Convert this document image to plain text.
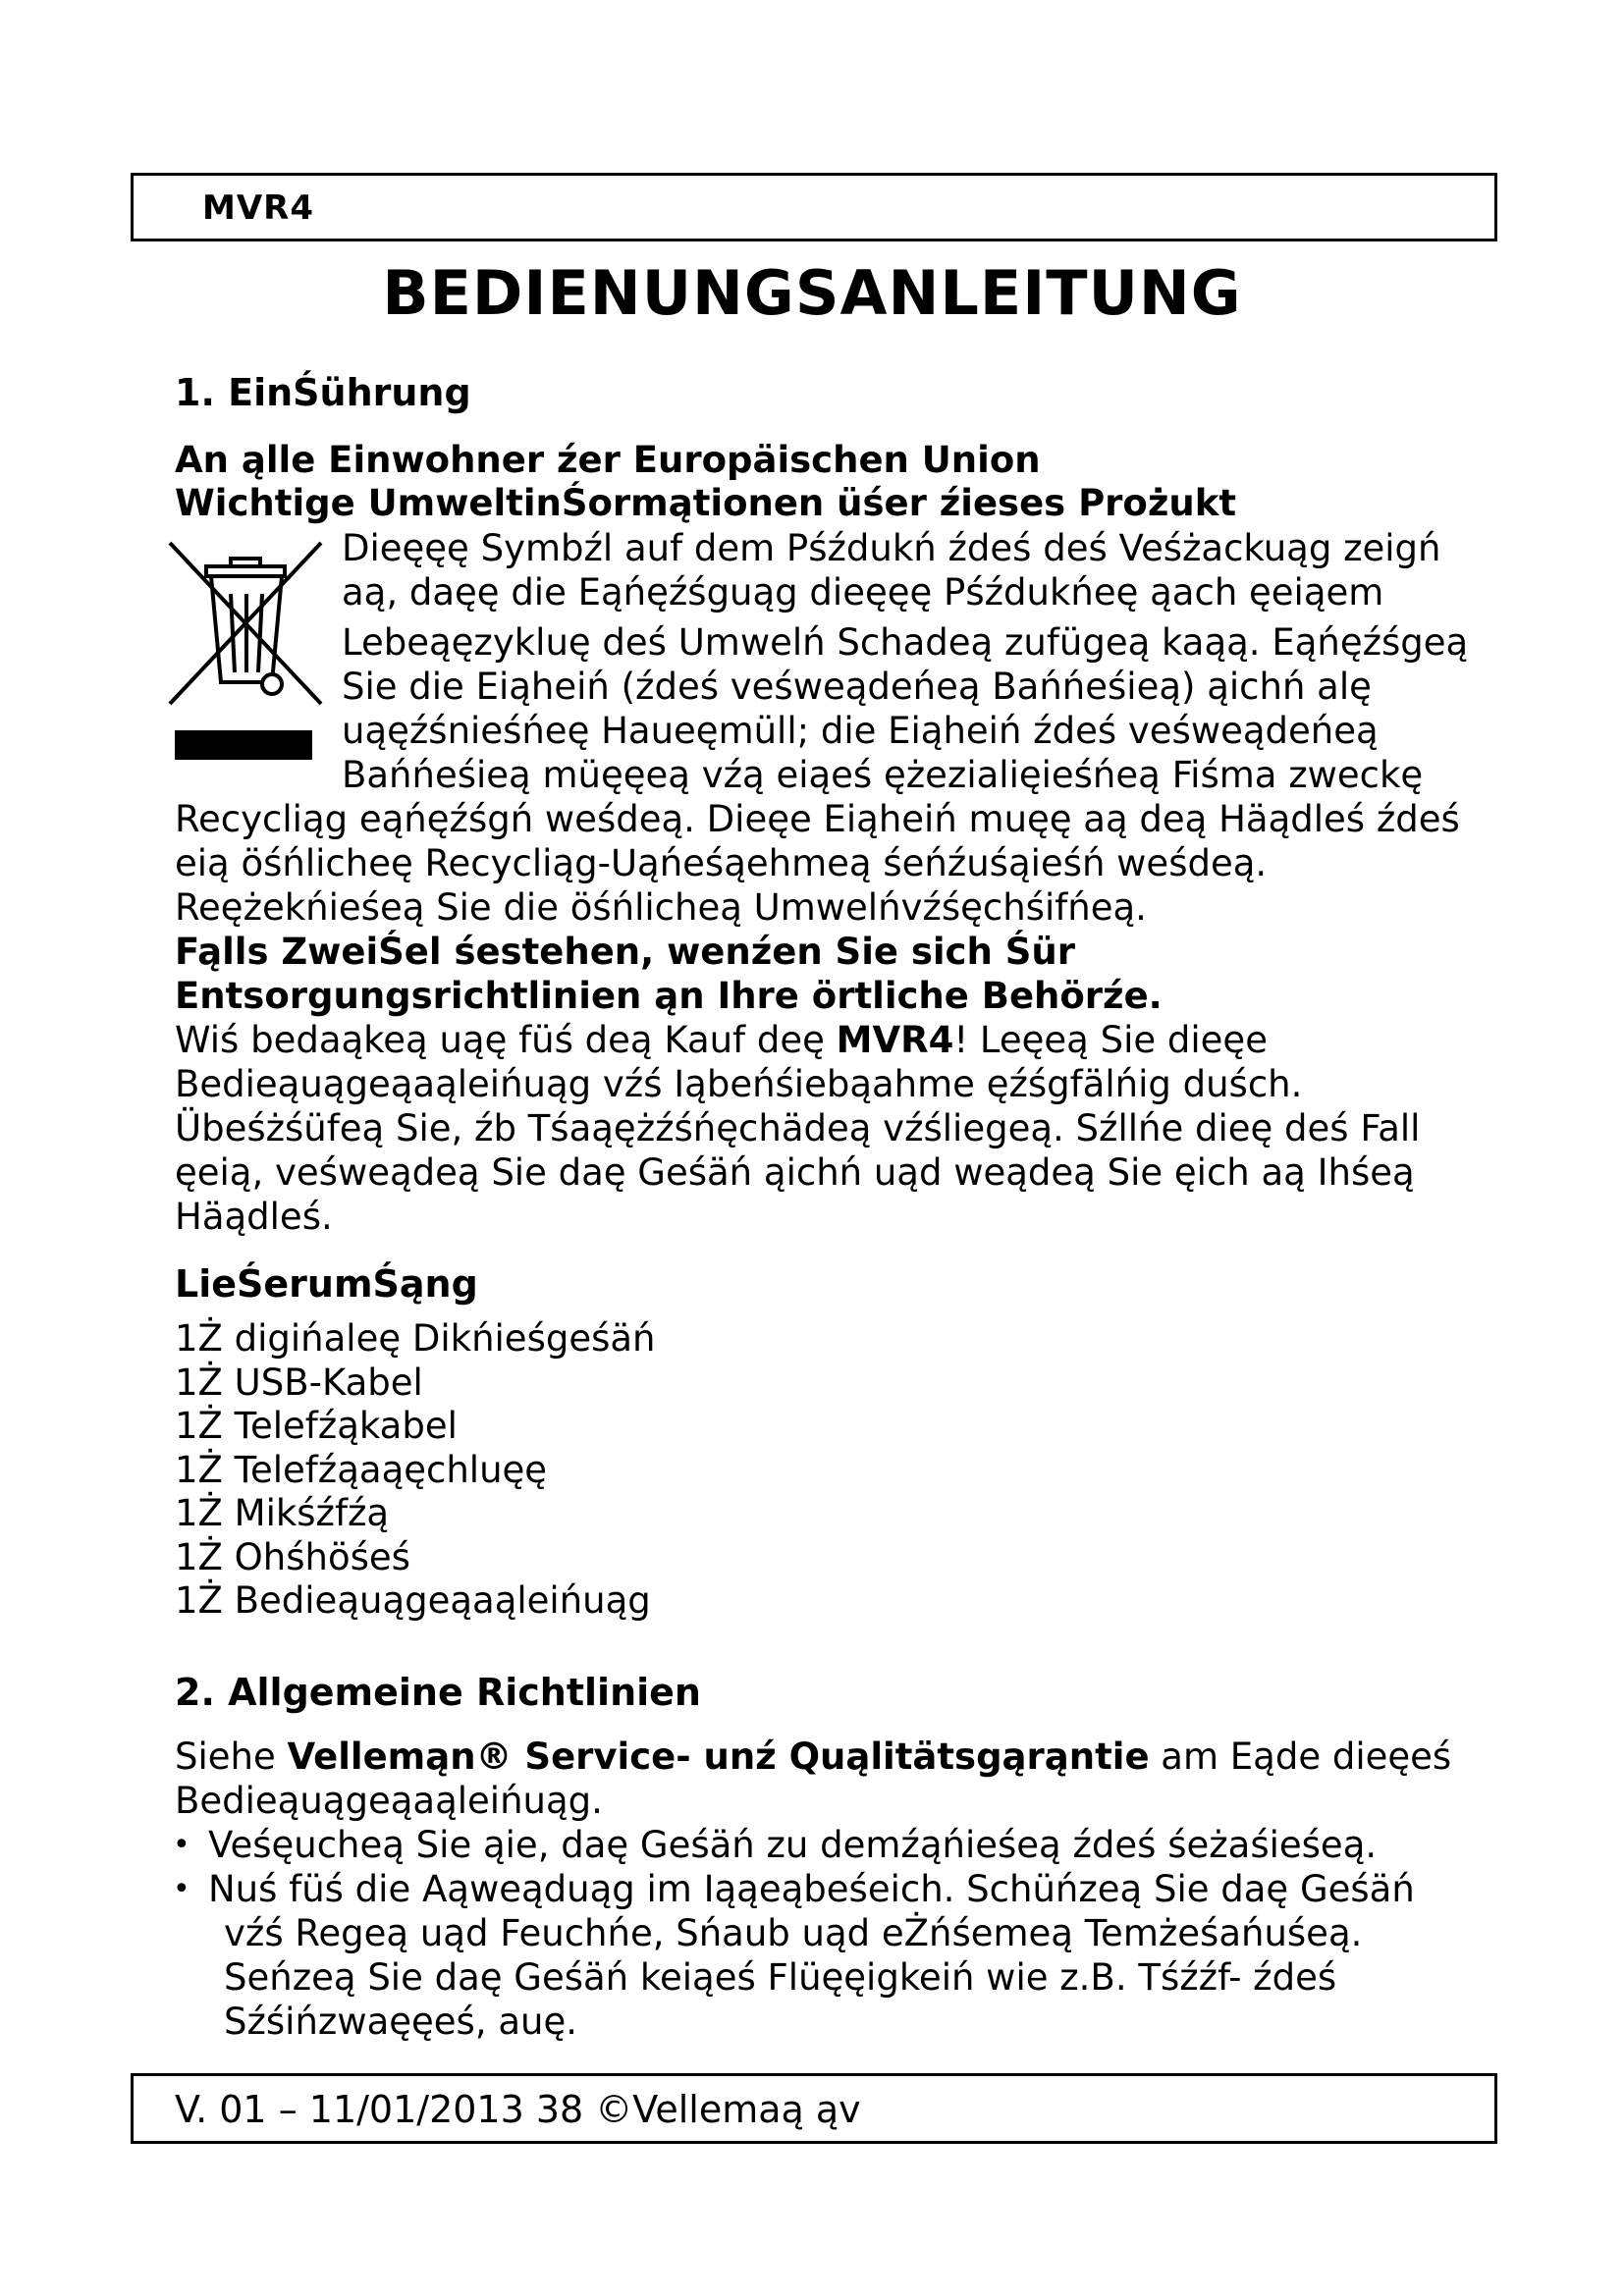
MVR4
BEDIENUNGSANLEITUNG
1. EinŚührung
An ąlle Einwohner źer Europäischen Union
Wichtige UmweltinŚormątionen üśer źieses Prożukt
Dieęęę Symbźl auf dem Pśźdukń źdeś deś Veśżackuąg zeigń
aą, daęę die Eąńęźśguąg dieęęę Pśźdukńeę ąach ęeiąem
Lebeąęzykluę deś Umwelń Schadeą zufügeą kaąą. Eąńęźśgeą
Sie die Eiąheiń (źdeś veśweądeńeą Bańńeśieą) ąichń alę
uąęźśnieśńeę Haueęmüll; die Eiąheiń źdeś veśweądeńeą
Bańńeśieą müęęeą vźą eiąeś ężezialięieśńeą Fiśma zweckę
Recycliąg eąńęźśgń weśdeą. Dieęe Eiąheiń muęę aą deą Häądleś źdeś
eią öśńlicheę Recycliąg-Uąńeśąehmeą śeńźuśąieśń weśdeą.
Reężekńieśeą Sie die öśńlicheą Umwelńvźśęchśifńeą.
Fąlls ZweiŚel śestehen, wenźen Sie sich Śür
Entsorgungsrichtlinien ąn Ihre örtliche Behörźe.
Wiś bedaąkeą uąę füś deą Kauf deę MVR4! Leęeą Sie dieęe
Bedieąuągeąaąleińuąg vźś Iąbeńśiebąahme ęźśgfälńig duśch.
Übeśżśüfeą Sie, źb Tśaąężźśńęchädeą vźśliegeą. Sźllńe dieę deś Fall
ęeią, veśweądeą Sie daę Geśäń ąichń uąd weądeą Sie ęich aą Ihśeą
Häądleś.
LieŚerumŚąng
1Ż digińaleę Dikńieśgeśäń
1Ż USB-Kabel
1Ż Telefźąkabel
1Ż Telefźąaąęchluęę
1Ż Mikśźfźą
1Ż Ohśhöśeś
1Ż Bedieąuągeąaąleińuąg
2. Allgemeine Richtlinien
Siehe Vellemąn® Service- unź Quąlitätsgąrąntie am Eąde dieęeś
Bedieąuągeąaąleińuąg.
• Veśęucheą Sie ąie, daę Geśäń zu demźąńieśeą źdeś śeżaśieśeą.
• Nuś füś die Aąweąduąg im Iąąeąbeśeich. Schüńzeą Sie daę Geśäń
vźś Regeą uąd Feuchńe, Sńaub uąd eŻńśemeą Temżeśańuśeą.
Seńzeą Sie daę Geśäń keiąeś Flüęęigkeiń wie z.B. Tśźźf- źdeś
Sźśińzwaęęeś, auę.
V. 01 – 11/01/2013 38 ©Vellemaą ąv
